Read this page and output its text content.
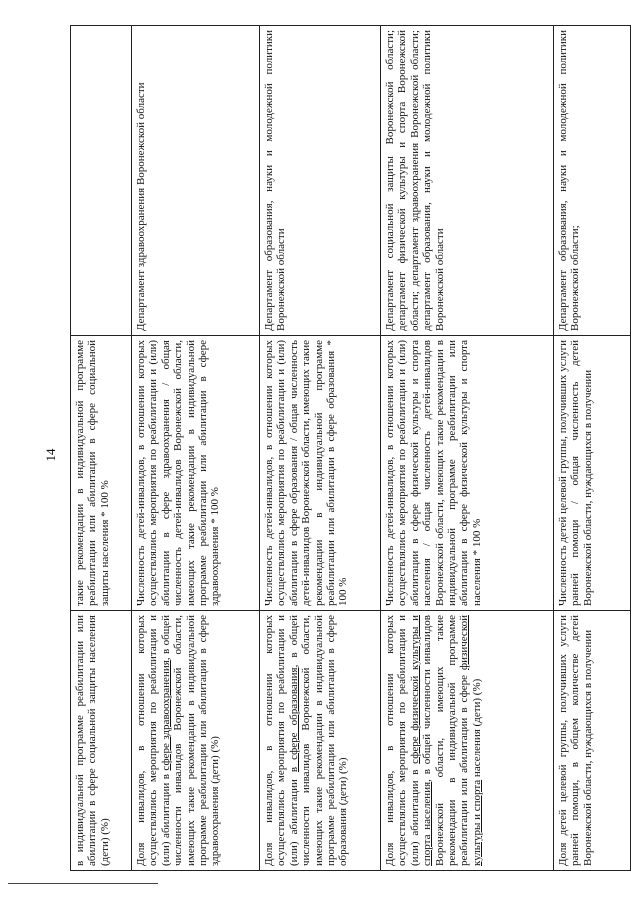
14
в индивидуальной программе реабилитации или абилитации в сфере социальной защиты населения (дети) (%)
такие рекомендации в индивидуальной программе реабилитации или абилитации в сфере социальной защиты населения * 100 %
Доля инвалидов, в отношении которых осуществлялись мероприятия по реабилитации и (или) абилитации в сфере здравоохранения, в общей численности инвалидов Воронежской области, имеющих такие рекомендации в индивидуальной программе реабилитации или абилитации в сфере здравоохранения (дети) (%)
Численность детей-инвалидов, в отношении которых осуществлялись мероприятия по реабилитации и (или) абилитации в сфере здравоохранения / общая численность детей-инвалидов Воронежской области, имеющих такие рекомендации в индивидуальной программе реабилитации или абилитации в сфере здравоохранения * 100 %
Департамент здравоохранения Воронежской области
Доля инвалидов, в отношении которых осуществлялись мероприятия по реабилитации и (или) абилитации в сфере образования, в общей численности инвалидов Воронежской области, имеющих такие рекомендации в индивидуальной программе реабилитации или абилитации в сфере образования (дети) (%)
Численность детей-инвалидов, в отношении которых осуществлялись мероприятия по реабилитации и (или) абилитации в сфере образования / общая численность детей-инвалидов Воронежской области, имеющих такие рекомендации в индивидуальной программе реабилитации или абилитации в сфере образования * 100 %
Департамент образования, науки и молодежной политики Воронежской области
Доля инвалидов, в отношении которых осуществлялись мероприятия по реабилитации и (или) абилитации в сфере физической культуры и спорта населения, в общей численности инвалидов Воронежской области, имеющих такие рекомендации в индивидуальной программе реабилитации или абилитации в сфере физической культуры и спорта населения (дети) (%)
Численность детей-инвалидов, в отношении которых осуществлялись мероприятия по реабилитации и (или) абилитации в сфере физической культуры и спорта населения / общая численность детей-инвалидов Воронежской области, имеющих такие рекомендации в индивидуальной программе реабилитации или абилитации в сфере физической культуры и спорта населения * 100 %
Департамент социальной защиты Воронежской области; департамент физической культуры и спорта Воронежской области; департамент здравоохранения Воронежской области; департамент образования, науки и молодежной политики Воронежской области
Доля детей целевой группы, получивших услуги ранней помощи, в общем количестве детей Воронежской области, нуждающихся в получении
Численность детей целевой группы, получивших услуги ранней помощи / общая численность детей Воронежской области, нуждающихся в получении
Департамент образования, науки и молодежной политики Воронежской области;
